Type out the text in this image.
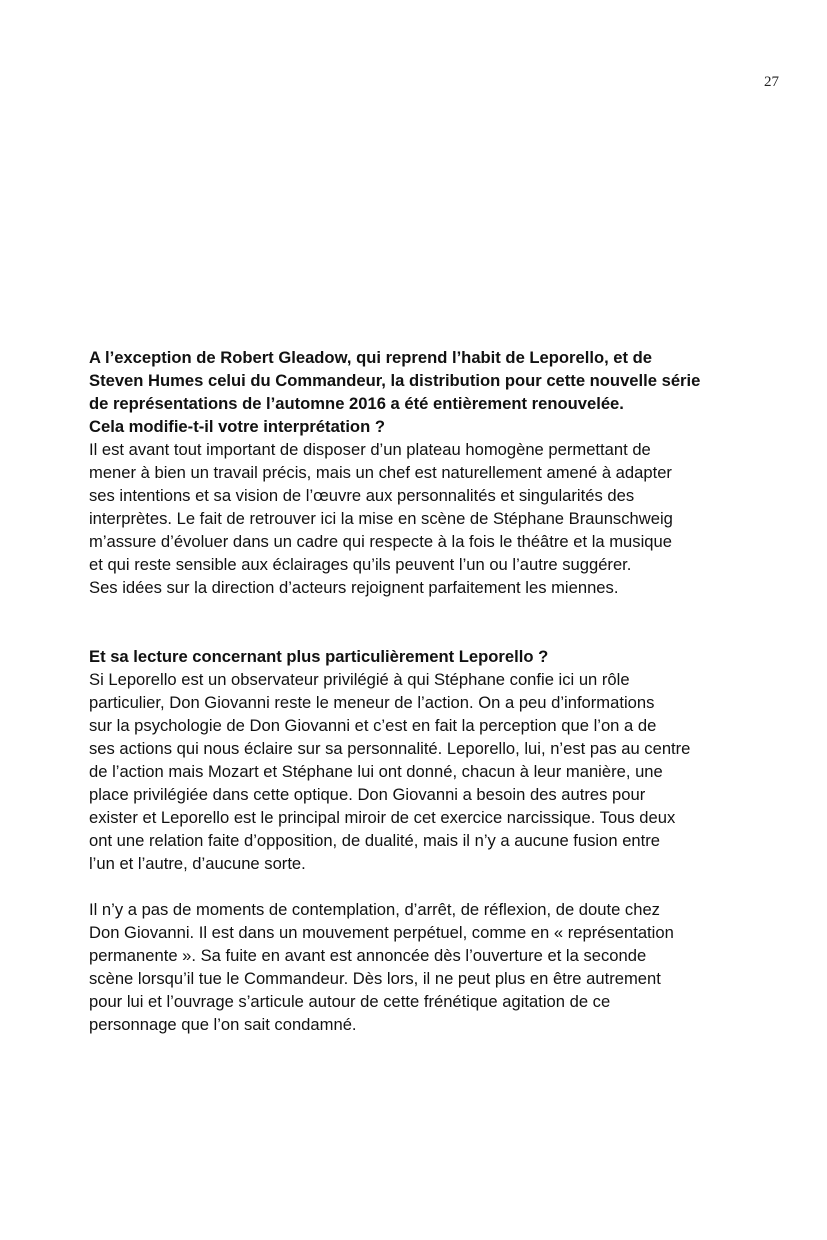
27
A l’exception de Robert Gleadow, qui reprend l’habit de Leporello, et de
Steven Humes celui du Commandeur, la distribution pour cette nouvelle série
de représentations de l’automne 2016 a été entièrement renouvelée.
Cela modifie-t-il votre interprétation ?
Il est avant tout important de disposer d’un plateau homogène permettant de
mener à bien un travail précis, mais un chef est naturellement amené à adapter
ses intentions et sa vision de l’œuvre aux personnalités et singularités des
interprètes. Le fait de retrouver ici la mise en scène de Stéphane Braunschweig
m’assure d’évoluer dans un cadre qui respecte à la fois le théâtre et la musique
et qui reste sensible aux éclairages qu’ils peuvent l’un ou l’autre suggérer.
Ses idées sur la direction d’acteurs rejoignent parfaitement les miennes.
Et sa lecture concernant plus particulièrement Leporello ?
Si Leporello est un observateur privilégié à qui Stéphane confie ici un rôle
particulier, Don Giovanni reste le meneur de l’action. On a peu d’informations
sur la psychologie de Don Giovanni et c’est en fait la perception que l’on a de
ses actions qui nous éclaire sur sa personnalité. Leporello, lui, n’est pas au centre
de l’action mais Mozart et Stéphane lui ont donné, chacun à leur manière, une
place privilégiée dans cette optique. Don Giovanni a besoin des autres pour
exister et Leporello est le principal miroir de cet exercice narcissique. Tous deux
ont une relation faite d’opposition, de dualité, mais il n’y a aucune fusion entre
l’un et l’autre, d’aucune sorte.
Il n’y a pas de moments de contemplation, d’arrêt, de réflexion, de doute chez
Don Giovanni. Il est dans un mouvement perpétuel, comme en « représentation
permanente ». Sa fuite en avant est annoncée dès l’ouverture et la seconde
scène lorsqu’il tue le Commandeur. Dès lors, il ne peut plus en être autrement
pour lui et l’ouvrage s’articule autour de cette frénétique agitation de ce
personnage que l’on sait condamné.
